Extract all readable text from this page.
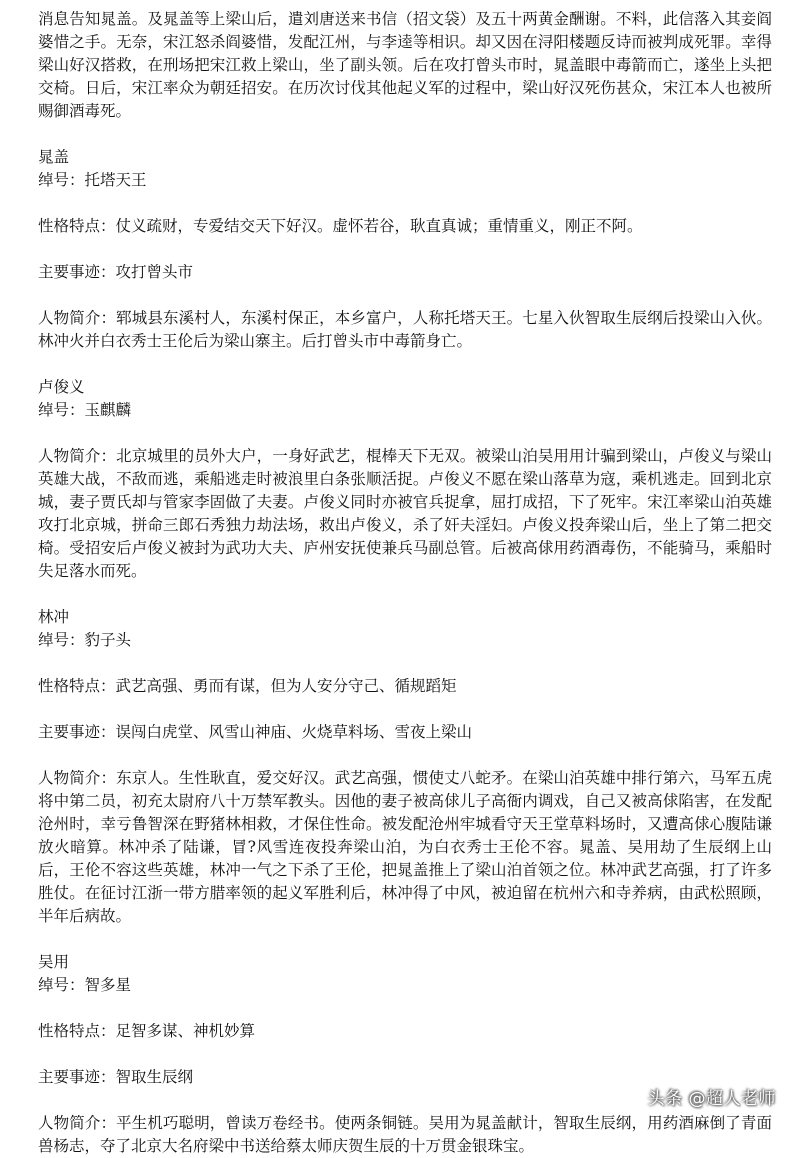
消息告知晁盖。及晁盖等上梁山后，遣刘唐送来书信（招文袋）及五十两黄金酬谢。不料，此信落入其妾阎婆惜之手。无奈，宋江怒杀阎婆惜，发配江州，与李逵等相识。却又因在浔阳楼题反诗而被判成死罪。幸得梁山好汉搭救，在刑场把宋江救上梁山，坐了副头领。后在攻打曾头市时，晁盖眼中毒箭而亡，遂坐上头把交椅。日后，宋江率众为朝廷招安。在历次讨伐其他起义军的过程中，梁山好汉死伤甚众，宋江本人也被所赐御酒毒死。

晁盖

绰号：托塔天王

性格特点：仗义疏财，专爱结交天下好汉。虚怀若谷，耿直真诚；重情重义，刚正不阿。

主要事迹：攻打曾头市

人物简介：郓城县东溪村人，东溪村保正，本乡富户，人称托塔天王。七星入伙智取生辰纲后投梁山入伙。林冲火并白衣秀士王伦后为梁山寨主。后打曾头市中毒箭身亡。

卢俊义

绰号：玉麒麟

人物简介：北京城里的员外大户，一身好武艺，棍棒天下无双。被梁山泊吴用用计骗到梁山，卢俊义与梁山英雄大战，不敌而逃，乘船逃走时被浪里白条张顺活捉。卢俊义不愿在梁山落草为寇，乘机逃走。回到北京城，妻子贾氏却与管家李固做了夫妻。卢俊义同时亦被官兵捉拿，屈打成招，下了死牢。宋江率梁山泊英雄攻打北京城，拼命三郎石秀独力劫法场，救出卢俊义，杀了奸夫淫妇。卢俊义投奔梁山后，坐上了第二把交椅。受招安后卢俊义被封为武功大夫、庐州安抚使兼兵马副总管。后被高俅用药酒毒伤，不能骑马，乘船时失足落水而死。

林冲

绰号：豹子头

性格特点：武艺高强、勇而有谋，但为人安分守己、循规蹈矩

主要事迹：误闯白虎堂、风雪山神庙、火烧草料场、雪夜上梁山

人物简介：东京人。生性耿直，爱交好汉。武艺高强，惯使丈八蛇矛。在梁山泊英雄中排行第六，马军五虎将中第二员，初充太尉府八十万禁军教头。因他的妻子被高俅儿子高衙内调戏，自己又被高俅陷害，在发配沧州时，幸亏鲁智深在野猪林相救，才保住性命。被发配沧州牢城看守天王堂草料场时，又遭高俅心腹陆谦放火暗算。林冲杀了陆谦，冒?风雪连夜投奔梁山泊，为白衣秀士王伦不容。晁盖、吴用劫了生辰纲上山后，王伦不容这些英雄，林冲一气之下杀了王伦，把晁盖推上了梁山泊首领之位。林冲武艺高强，打了许多胜仗。在征讨江浙一带方腊率领的起义军胜利后，林冲得了中风，被迫留在杭州六和寺养病，由武松照顾，半年后病故。

吴用

绰号：智多星

性格特点：足智多谋、神机妙算

主要事迹：智取生辰纲

人物简介：平生机巧聪明，曾读万卷经书。使两条铜链。吴用为晁盖献计，智取生辰纲，用药酒麻倒了青面兽杨志，夺了北京大名府梁中书送给蔡太师庆贺生辰的十万贯金银珠宝。

头条 @超人老师
